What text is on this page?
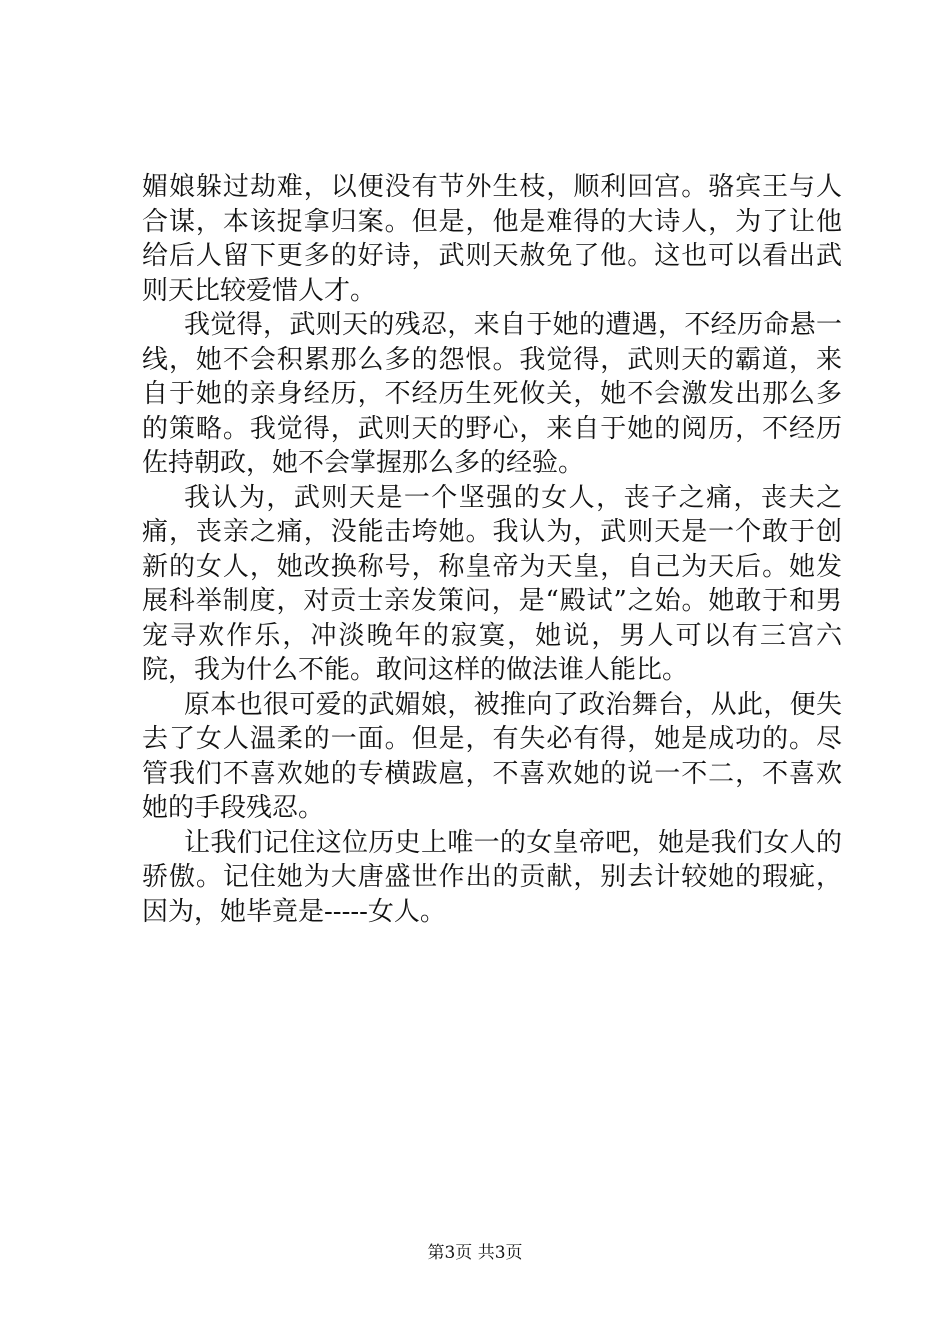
媚娘躲过劫难，以便没有节外生枝，顺利回宫。骆宾王与人合谋，本该捉拿归案。但是，他是难得的大诗人，为了让他给后人留下更多的好诗，武则天赦免了他。这也可以看出武则天比较爱惜人才。

我觉得，武则天的残忍，来自于她的遭遇，不经历命悬一线，她不会积累那么多的怨恨。我觉得，武则天的霸道，来自于她的亲身经历，不经历生死攸关，她不会激发出那么多的策略。我觉得，武则天的野心，来自于她的阅历，不经历佐持朝政，她不会掌握那么多的经验。

我认为，武则天是一个坚强的女人，丧子之痛，丧夫之痛，丧亲之痛，没能击垮她。我认为，武则天是一个敢于创新的女人，她改换称号，称皇帝为天皇，自己为天后。她发展科举制度，对贡士亲发策问，是“殿试”之始。她敢于和男宠寻欢作乐，冲淡晚年的寂寞，她说，男人可以有三宫六院，我为什么不能。敢问这样的做法谁人能比。

原本也很可爱的武媚娘，被推向了政治舞台，从此，便失去了女人温柔的一面。但是，有失必有得，她是成功的。尽管我们不喜欢她的专横跋扈，不喜欢她的说一不二，不喜欢她的手段残忍。

让我们记住这位历史上唯一的女皇帝吧，她是我们女人的骄傲。记住她为大唐盛世作出的贡献，别去计较她的瑕疵，因为，她毕竟是-----女人。

第3页 共3页
